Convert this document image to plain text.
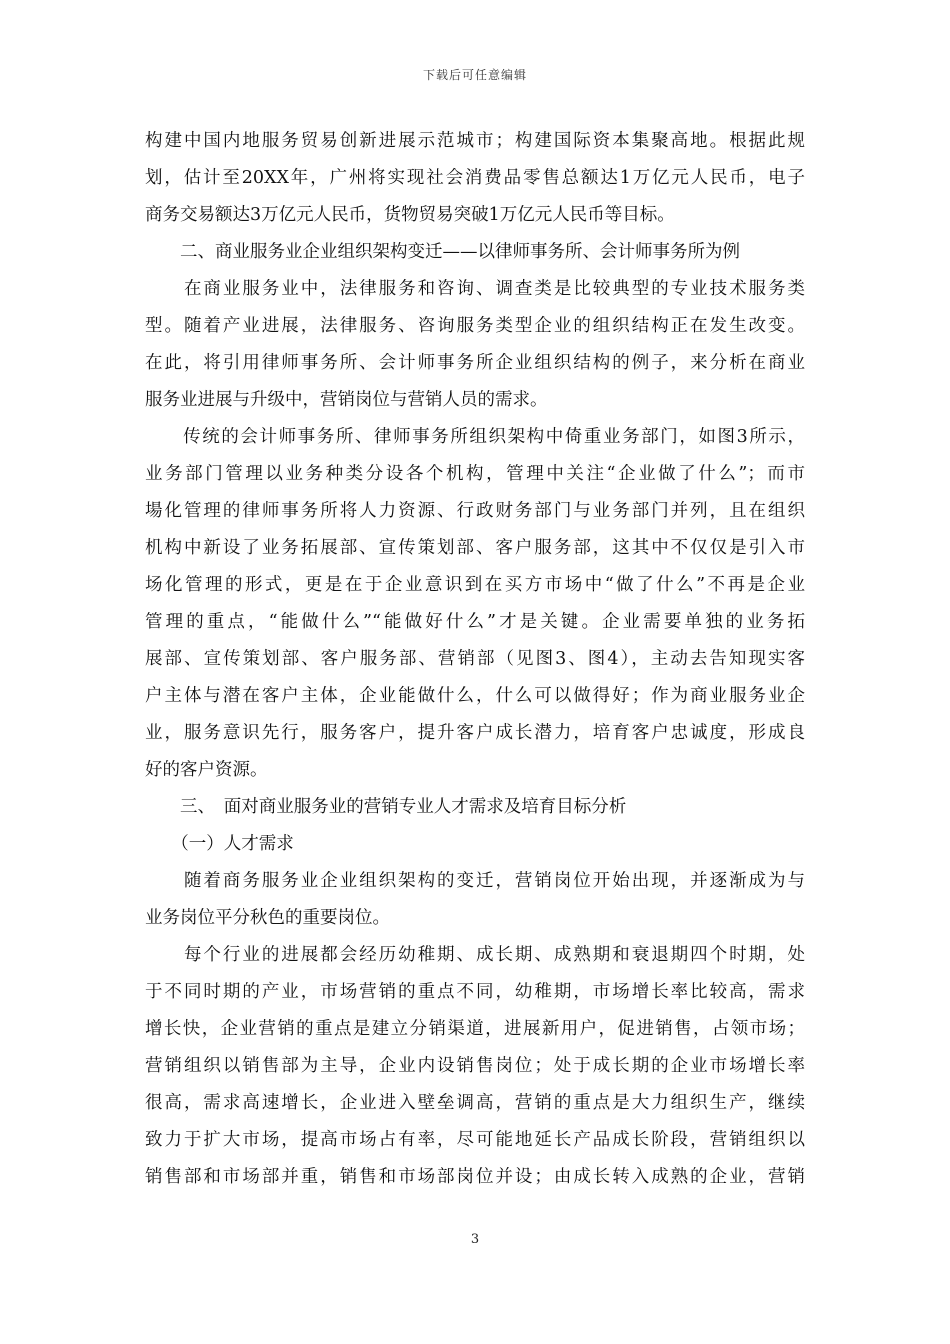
下载后可任意编辑
构建中国内地服务贸易创新进展示范城市；构建国际资本集聚高地。根据此规
划，估计至20XX年，广州将实现社会消费品零售总额达1万亿元人民币，电子
商务交易额达3万亿元人民币，货物贸易突破1万亿元人民币等目标。
　　二、商业服务业企业组织架构变迁——以律师事务所、会计师事务所为例
　　在商业服务业中，法律服务和咨询、调查类是比较典型的专业技术服务类
型。随着产业进展，法律服务、咨询服务类型企业的组织结构正在发生改变。
在此，将引用律师事务所、会计师事务所企业组织结构的例子，来分析在商业
服务业进展与升级中，营销岗位与营销人员的需求。
　　传统的会计师事务所、律师事务所组织架构中倚重业务部门，如图3所示，
业务部门管理以业务种类分设各个机构，管理中关注“企业做了什么”；而市
場化管理的律师事务所将人力资源、行政财务部门与业务部门并列，且在组织
机构中新设了业务拓展部、宣传策划部、客户服务部，这其中不仅仅是引入市
场化管理的形式，更是在于企业意识到在买方市场中“做了什么”不再是企业
管理的重点，“能做什么”“能做好什么”才是关键。企业需要单独的业务拓
展部、宣传策划部、客户服务部、营销部（见图3、图4），主动去告知现实客
户主体与潜在客户主体，企业能做什么，什么可以做得好；作为商业服务业企
业，服务意识先行，服务客户，提升客户成长潜力，培育客户忠诚度，形成良
好的客户资源。
　　三、　面对商业服务业的营销专业人才需求及培育目标分析
　　（一）人才需求
　　随着商务服务业企业组织架构的变迁，营销岗位开始出现，并逐渐成为与
业务岗位平分秋色的重要岗位。
　　每个行业的进展都会经历幼稚期、成长期、成熟期和衰退期四个时期，处
于不同时期的产业，市场营销的重点不同，幼稚期，市场增长率比较高，需求
增长快，企业营销的重点是建立分销渠道，进展新用户，促进销售，占领市场；
营销组织以销售部为主导，企业内设销售岗位；处于成长期的企业市场增长率
很高，需求高速增长，企业进入壁垒调高，营销的重点是大力组织生产，继续
致力于扩大市场，提高市场占有率，尽可能地延长产品成长阶段，营销组织以
销售部和市场部并重，销售和市场部岗位并设；由成长转入成熟的企业，营销
3
